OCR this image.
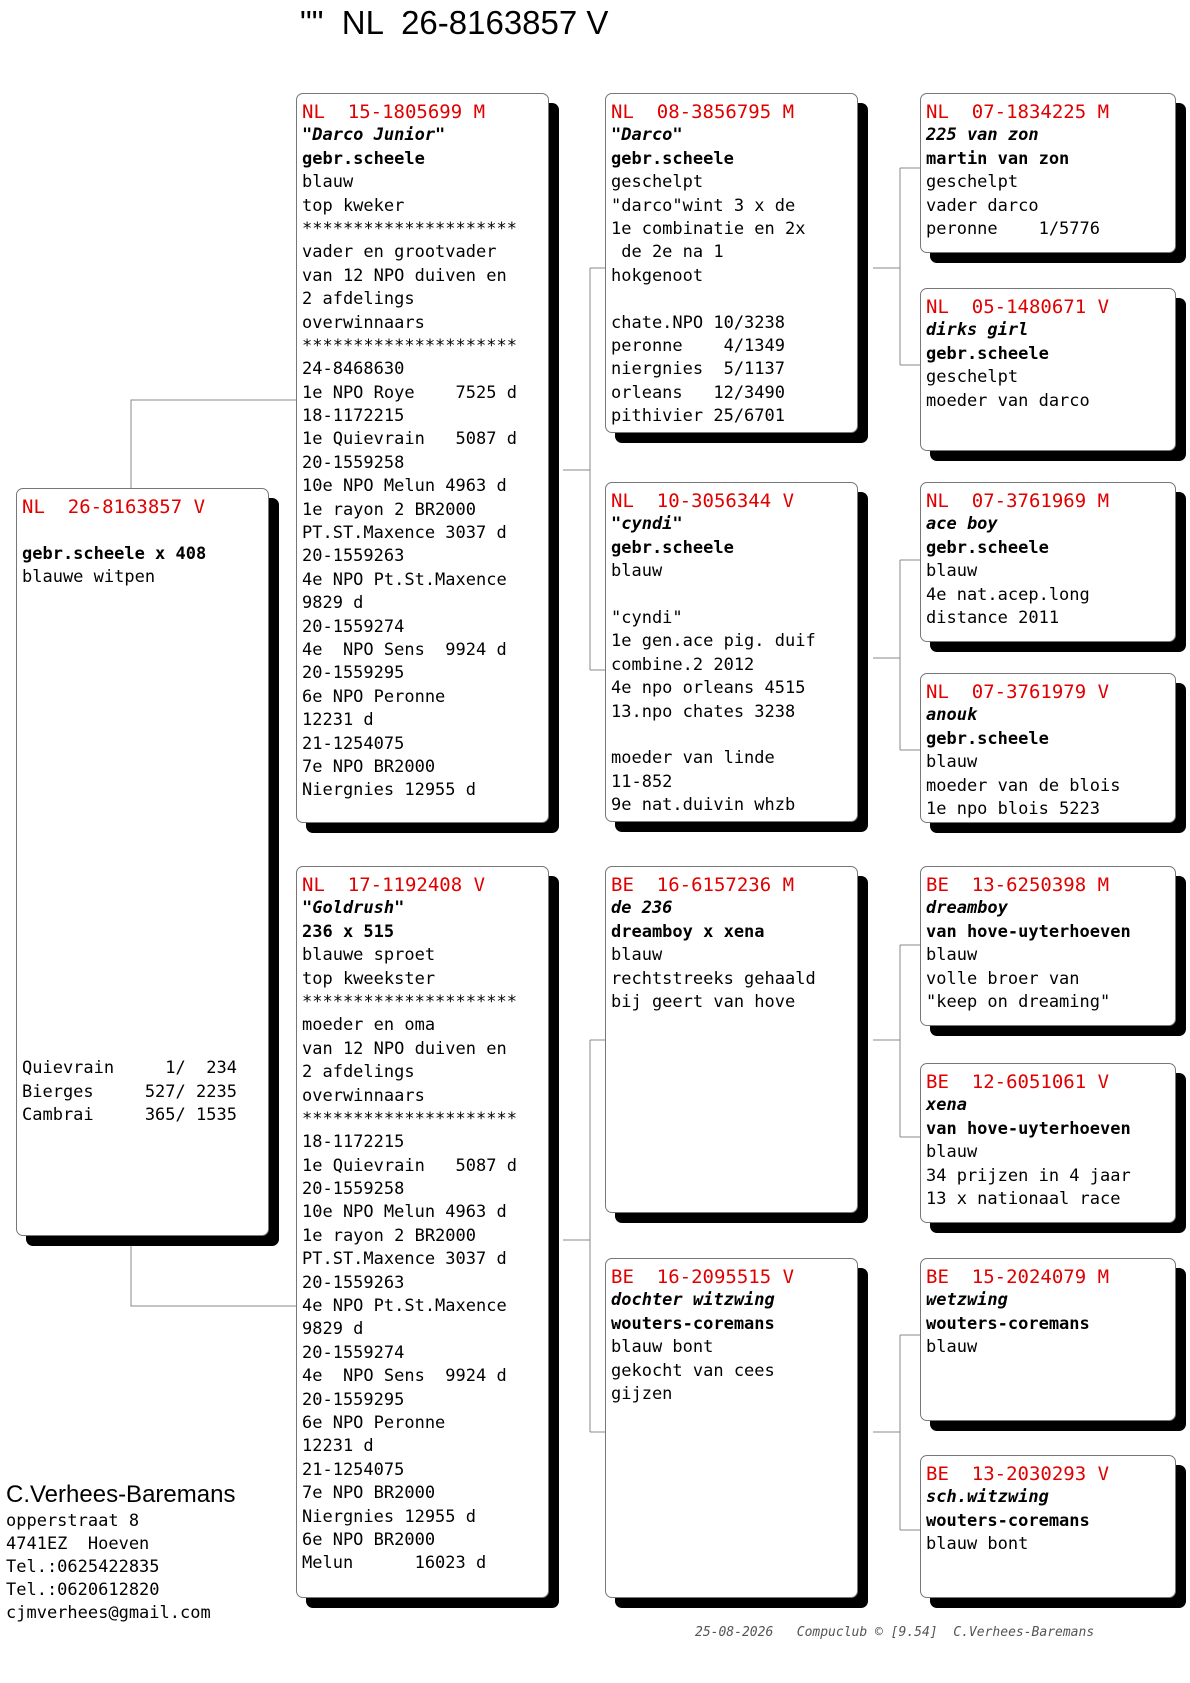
""  NL  26-8163857 V
NL  26-8163857 V
gebr.scheele x 408
blauwe witpen
Quievrain     1/  234
Bierges     527/ 2235
Cambrai     365/ 1535
NL  15-1805699 M
"Darco Junior"
gebr.scheele
blauw
top kweker
*********************
vader en grootvader
van 12 NPO duiven en
2 afdelings
overwinnaars
*********************
24-8468630
1e NPO Roye    7525 d
18-1172215
1e Quievrain   5087 d
20-1559258
10e NPO Melun 4963 d
1e rayon 2 BR2000
PT.ST.Maxence 3037 d
20-1559263
4e NPO Pt.St.Maxence
9829 d
20-1559274
4e  NPO Sens  9924 d
20-1559295
6e NPO Peronne
12231 d
21-1254075
7e NPO BR2000
Niergnies 12955 d
NL  17-1192408 V
"Goldrush"
236 x 515
blauwe sproet
top kweekster
*********************
moeder en oma
van 12 NPO duiven en
2 afdelings
overwinnaars
*********************
18-1172215
1e Quievrain   5087 d
20-1559258
10e NPO Melun 4963 d
1e rayon 2 BR2000
PT.ST.Maxence 3037 d
20-1559263
4e NPO Pt.St.Maxence
9829 d
20-1559274
4e  NPO Sens  9924 d
20-1559295
6e NPO Peronne
12231 d
21-1254075
7e NPO BR2000
Niergnies 12955 d
6e NPO BR2000
Melun      16023 d
NL  08-3856795 M
"Darco"
gebr.scheele
geschelpt
"darco"wint 3 x de
1e combinatie en 2x
de 2e na 1
hokgenoot
chate.NPO 10/3238
peronne    4/1349
niergnies  5/1137
orleans   12/3490
pithivier 25/6701
NL  10-3056344 V
"cyndi"
gebr.scheele
blauw
"cyndi"
1e gen.ace pig. duif
combine.2 2012
4e npo orleans 4515
13.npo chates 3238
moeder van linde
11-852
9e nat.duivin whzb
BE  16-6157236 M
de 236
dreamboy x xena
blauw
rechtstreeks gehaald
bij geert van hove
BE  16-2095515 V
dochter witzwing
wouters-coremans
blauw bont
gekocht van cees
gijzen
NL  07-1834225 M
225 van zon
martin van zon
geschelpt
vader darco
peronne    1/5776
NL  05-1480671 V
dirks girl
gebr.scheele
geschelpt
moeder van darco
NL  07-3761969 M
ace boy
gebr.scheele
blauw
4e nat.acep.long
distance 2011
NL  07-3761979 V
anouk
gebr.scheele
blauw
moeder van de blois
1e npo blois 5223
BE  13-6250398 M
dreamboy
van hove-uyterhoeven
blauw
volle broer van
"keep on dreaming"
BE  12-6051061 V
xena
van hove-uyterhoeven
blauw
34 prijzen in 4 jaar
13 x nationaal race
BE  15-2024079 M
wetzwing
wouters-coremans
blauw
BE  13-2030293 V
sch.witzwing
wouters-coremans
blauw bont
C.Verhees-Baremans
opperstraat 8
4741EZ  Hoeven
Tel.:0625422835
Tel.:0620612820
cjmverhees@gmail.com
25-08-2026   Compuclub © [9.54]  C.Verhees-Baremans
